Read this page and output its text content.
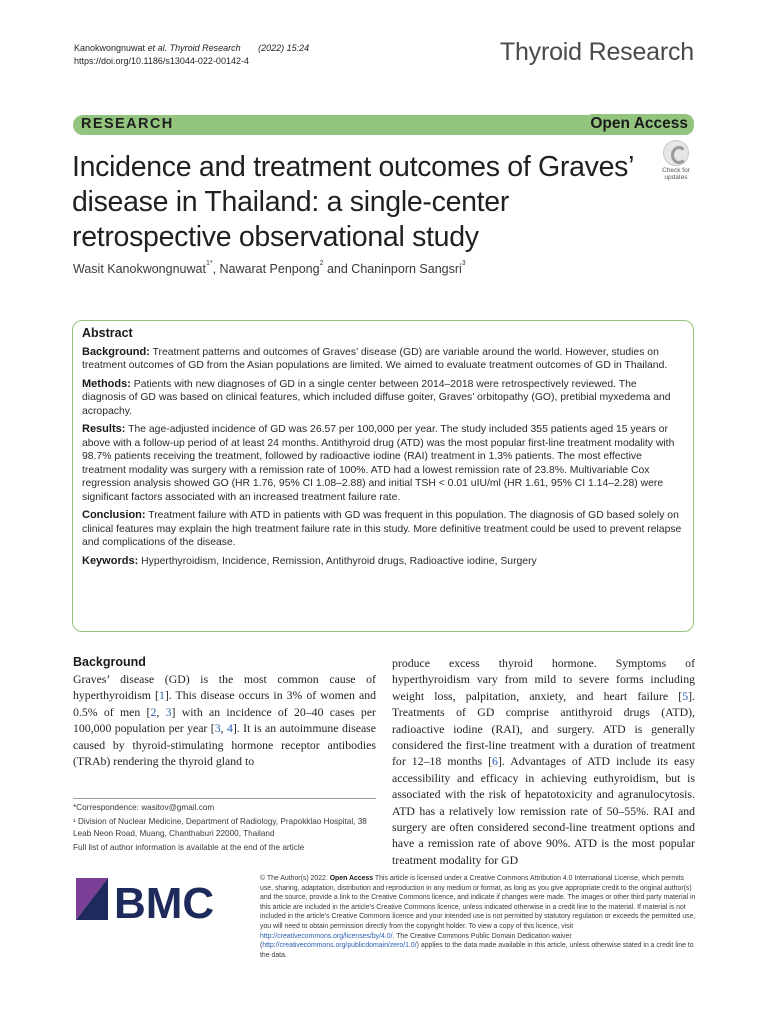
Kanokwongnuwat et al. Thyroid Research (2022) 15:24
https://doi.org/10.1186/s13044-022-00142-4	Thyroid Research
RESEARCH	Open Access
Incidence and treatment outcomes of Graves’ disease in Thailand: a single-center retrospective observational study
Check for updates
Wasit Kanokwongnuwat$^{1*}$, Nawarat Penpong$^2$ and Chaninporn Sangsri$^3$
Abstract

Background: Treatment patterns and outcomes of Graves’ disease (GD) are variable around the world. However, studies on treatment outcomes of GD from the Asian populations are limited. We aimed to evaluate treatment outcomes of GD in Thailand.

Methods: Patients with new diagnoses of GD in a single center between 2014–2018 were retrospectively reviewed. The diagnosis of GD was based on clinical features, which included diffuse goiter, Graves’ orbitopathy (GO), pretibial myxedema and acropachy.

Results: The age-adjusted incidence of GD was 26.57 per 100,000 per year. The study included 355 patients aged 15 years or above with a follow-up period of at least 24 months. Antithyroid drug (ATD) was the most popular first-line treatment modality with 98.7% patients receiving the treatment, followed by radioactive iodine (RAI) treatment in 1.3% patients. The most effective treatment modality was surgery with a remission rate of 100%. ATD had a lowest remission rate of 23.8%. Multivariable Cox regression analysis showed GO (HR 1.76, 95% CI 1.08–2.88) and initial TSH < 0.01 uIU/ml (HR 1.61, 95% CI 1.14–2.28) were significant factors associated with an increased treatment failure rate.

Conclusion: Treatment failure with ATD in patients with GD was frequent in this population. The diagnosis of GD based solely on clinical features may explain the high treatment failure rate in this study. More definitive treatment could be used to prevent relapse and complications of the disease.

Keywords: Hyperthyroidism, Incidence, Remission, Antithyroid drugs, Radioactive iodine, Surgery

Background

Graves’ disease (GD) is the most common cause of hyperthyroidism [1]. This disease occurs in 3% of women and 0.5% of men [2, 3] with an incidence of 20–40 cases per 100,000 population per year [3, 4]. It is an autoimmune disease caused by thyroid-stimulating hormone receptor antibodies (TRAb) rendering the thyroid gland to

*Correspondence: wasitov@gmail.com
¹ Division of Nuclear Medicine, Department of Radiology, Prapokklao Hospital, 38 Leab Neon Road, Muang, Chanthaburi 22000, Thailand
Full list of author information is available at the end of the article

produce excess thyroid hormone. Symptoms of hyperthyroidism vary from mild to severe forms including weight loss, palpitation, anxiety, and heart failure [5]. Treatments of GD comprise antithyroid drugs (ATD), radioactive iodine (RAI), and surgery. ATD is generally considered the first-line treatment with a duration of treatment for 12–18 months [6]. Advantages of ATD include its easy accessibility and efficacy in achieving euthyroidism, but is associated with the risk of hepatotoxicity and agranulocytosis. ATD has a relatively low remission rate of 50–55%. RAI and surgery are often considered second-line treatment options and have a remission rate of above 90%. ATD is the most popular treatment modality for GD

BMC
© The Author(s) 2022. Open Access This article is licensed under a Creative Commons Attribution 4.0 International License, which permits use, sharing, adaptation, distribution and reproduction in any medium or format, as long as you give appropriate credit to the original author(s) and the source, provide a link to the Creative Commons licence, and indicate if changes were made. The images or other third party material in this article are included in the article’s Creative Commons licence, unless indicated otherwise in a credit line to the material. If material is not included in the article’s Creative Commons licence and your intended use is not permitted by statutory regulation or exceeds the permitted use, you will need to obtain permission directly from the copyright holder. To view a copy of this licence, visit http://creativecommons.org/licenses/by/4.0/. The Creative Commons Public Domain Dedication waiver (http://creativecommons.org/publicdomain/zero/1.0/) applies to the data made available in this article, unless otherwise stated in a credit line to the data.
